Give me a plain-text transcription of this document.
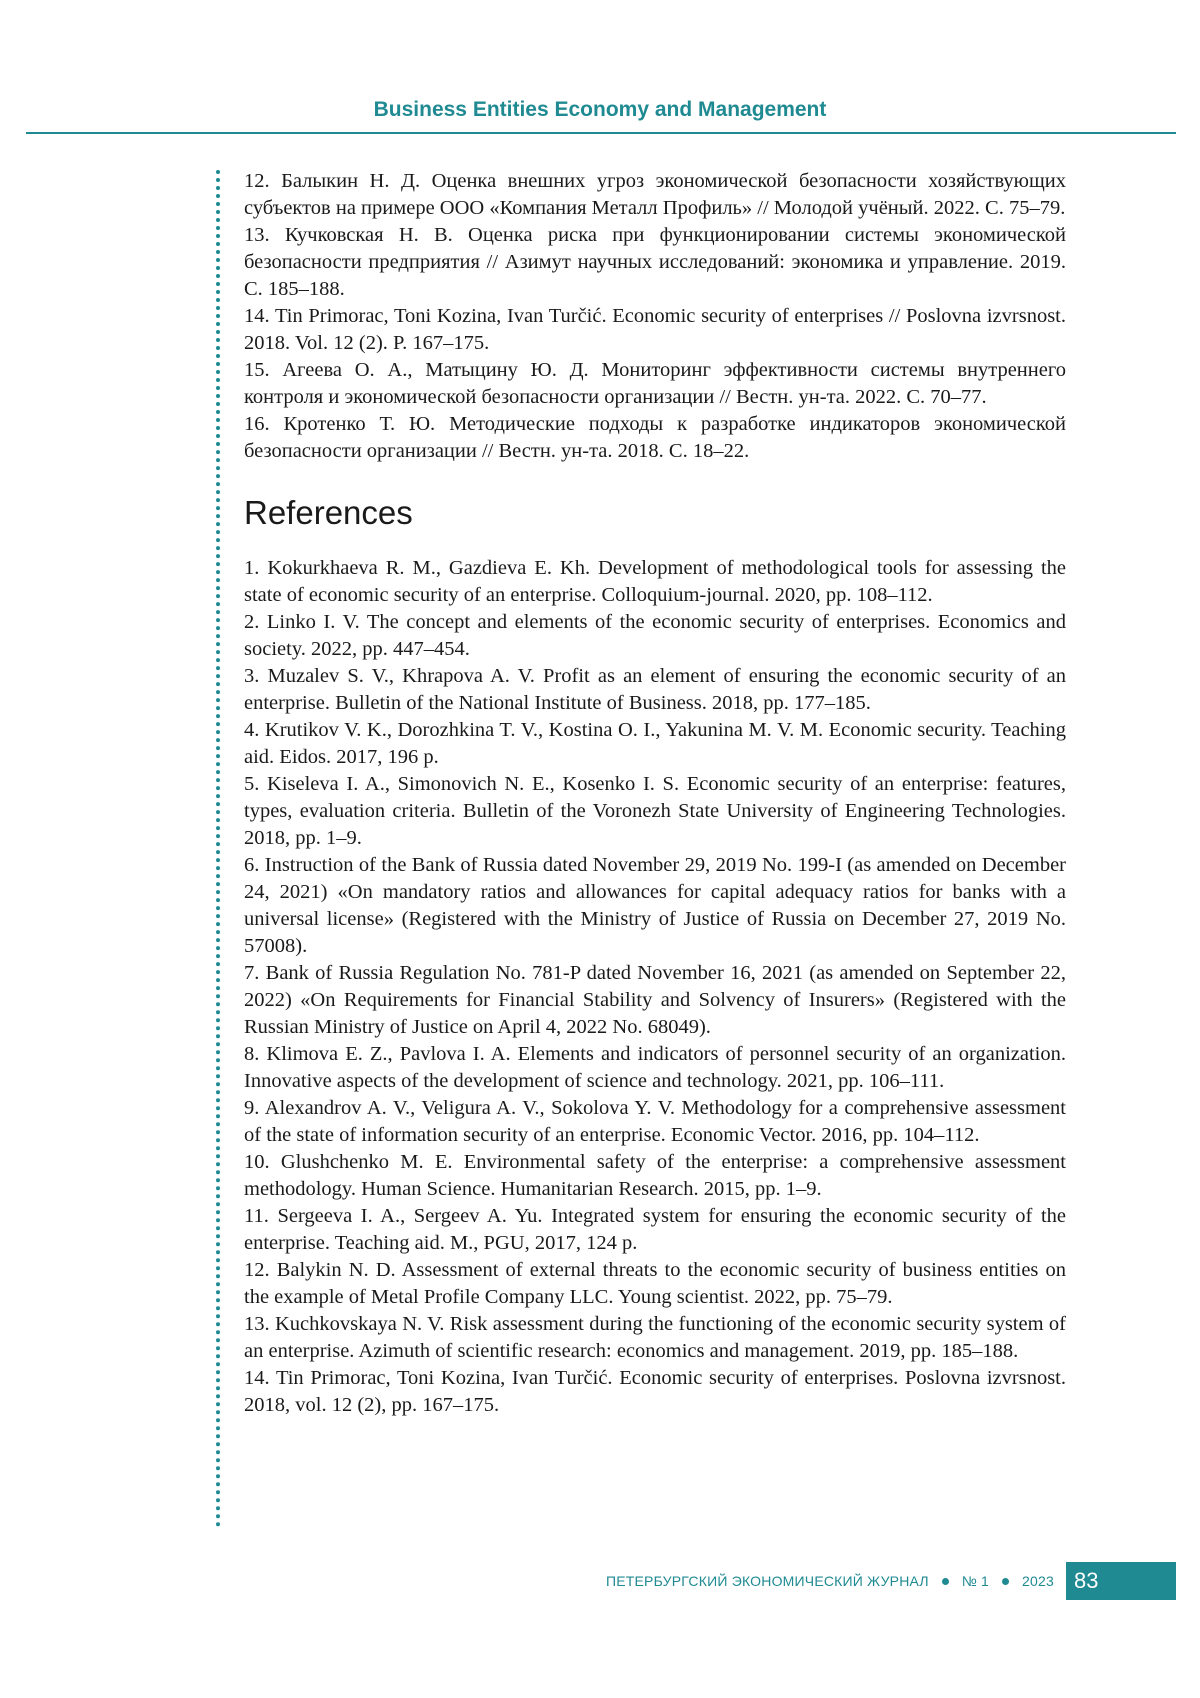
Business Entities Economy and Management

12. Балыкин Н. Д. Оценка внешних угроз экономической безопасности хозяйствующих субъектов на примере ООО «Компания Металл Профиль» // Молодой учёный. 2022. С. 75–79.

13. Кучковская Н. В. Оценка риска при функционировании системы экономической безопасности предприятия // Азимут научных исследований: экономика и управление. 2019. С. 185–188.

14. Tin Primorac, Toni Kozina, Ivan Turčić. Economic security of enterprises // Poslovna izvrsnost. 2018. Vol. 12 (2). P. 167–175.

15. Агеева О. А., Матыцину Ю. Д. Мониторинг эффективности системы внутреннего контроля и экономической безопасности организации // Вестн. ун-та. 2022. С. 70–77.

16. Кротенко Т. Ю. Методические подходы к разработке индикаторов экономической безопасности организации // Вестн. ун-та. 2018. С. 18–22.

References

1. Kokurkhaeva R. M., Gazdieva E. Kh. Development of methodological tools for assessing the state of economic security of an enterprise. Colloquium-journal. 2020, pp. 108–112.

2. Linko I. V. The concept and elements of the economic security of enterprises. Economics and society. 2022, pp. 447–454.

3. Muzalev S. V., Khrapova A. V. Profit as an element of ensuring the economic security of an enterprise. Bulletin of the National Institute of Business. 2018, pp. 177–185.

4. Krutikov V. K., Dorozhkina T. V., Kostina O. I., Yakunina M. V. M. Economic security. Teaching aid. Eidos. 2017, 196 p.

5. Kiseleva I. A., Simonovich N. E., Kosenko I. S. Economic security of an enterprise: features, types, evaluation criteria. Bulletin of the Voronezh State University of Engineering Technologies. 2018, pp. 1–9.

6. Instruction of the Bank of Russia dated November 29, 2019 No. 199-I (as amended on December 24, 2021) «On mandatory ratios and allowances for capital adequacy ratios for banks with a universal license» (Registered with the Ministry of Justice of Russia on December 27, 2019 No. 57008).

7. Bank of Russia Regulation No. 781-P dated November 16, 2021 (as amended on September 22, 2022) «On Requirements for Financial Stability and Solvency of Insurers» (Registered with the Russian Ministry of Justice on April 4, 2022 No. 68049).

8. Klimova E. Z., Pavlova I. A. Elements and indicators of personnel security of an organization. Innovative aspects of the development of science and technology. 2021, pp. 106–111.

9. Alexandrov A. V., Veligura A. V., Sokolova Y. V. Methodology for a comprehensive assessment of the state of information security of an enterprise. Economic Vector. 2016, pp. 104–112.

10. Glushchenko M. E. Environmental safety of the enterprise: a comprehensive assessment methodology. Human Science. Humanitarian Research. 2015, pp. 1–9.

11. Sergeeva I. A., Sergeev A. Yu. Integrated system for ensuring the economic security of the enterprise. Teaching aid. M., PGU, 2017, 124 p.

12. Balykin N. D. Assessment of external threats to the economic security of business entities on the example of Metal Profile Company LLC. Young scientist. 2022, pp. 75–79.

13. Kuchkovskaya N. V. Risk assessment during the functioning of the economic security system of an enterprise. Azimuth of scientific research: economics and management. 2019, pp. 185–188.

14. Tin Primorac, Toni Kozina, Ivan Turčić. Economic security of enterprises. Poslovna izvrsnost. 2018, vol. 12 (2), pp. 167–175.

ПЕТЕРБУРГСКИЙ ЭКОНОМИЧЕСКИЙ ЖУРНАЛ № 1 2023 83
